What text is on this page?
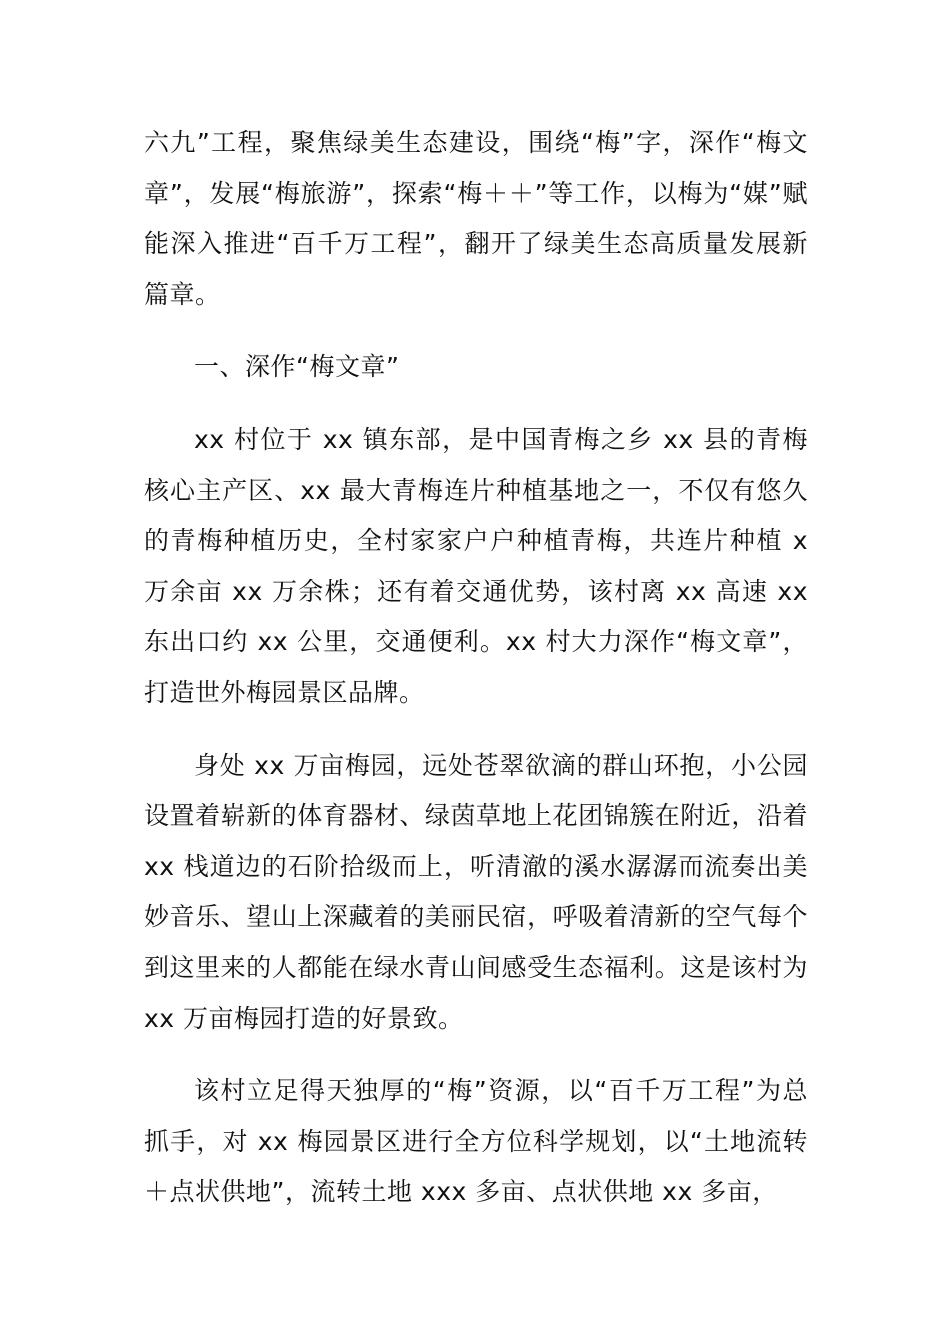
六九”工程，聚焦绿美生态建设，围绕“梅”字，深作“梅文章”，发展“梅旅游”，探索“梅＋＋”等工作，以梅为“媒”赋能深入推进“百千万工程”，翻开了绿美生态高质量发展新篇章。

一、深作“梅文章”

xx 村位于 xx 镇东部，是中国青梅之乡 xx 县的青梅核心主产区、xx 最大青梅连片种植基地之一，不仅有悠久的青梅种植历史，全村家家户户种植青梅，共连片种植 x 万余亩 xx 万余株；还有着交通优势，该村离 xx 高速 xx 东出口约 xx 公里，交通便利。xx 村大力深作“梅文章”，打造世外梅园景区品牌。

身处 xx 万亩梅园，远处苍翠欲滴的群山环抱，小公园设置着崭新的体育器材、绿茵草地上花团锦簇在附近，沿着 xx 栈道边的石阶拾级而上，听清澈的溪水潺潺而流奏出美妙音乐、望山上深藏着的美丽民宿，呼吸着清新的空气每个到这里来的人都能在绿水青山间感受生态福利。这是该村为 xx 万亩梅园打造的好景致。

该村立足得天独厚的“梅”资源，以“百千万工程”为总抓手，对 xx 梅园景区进行全方位科学规划，以“土地流转＋点状供地”，流转土地 xxx 多亩、点状供地 xx 多亩，
